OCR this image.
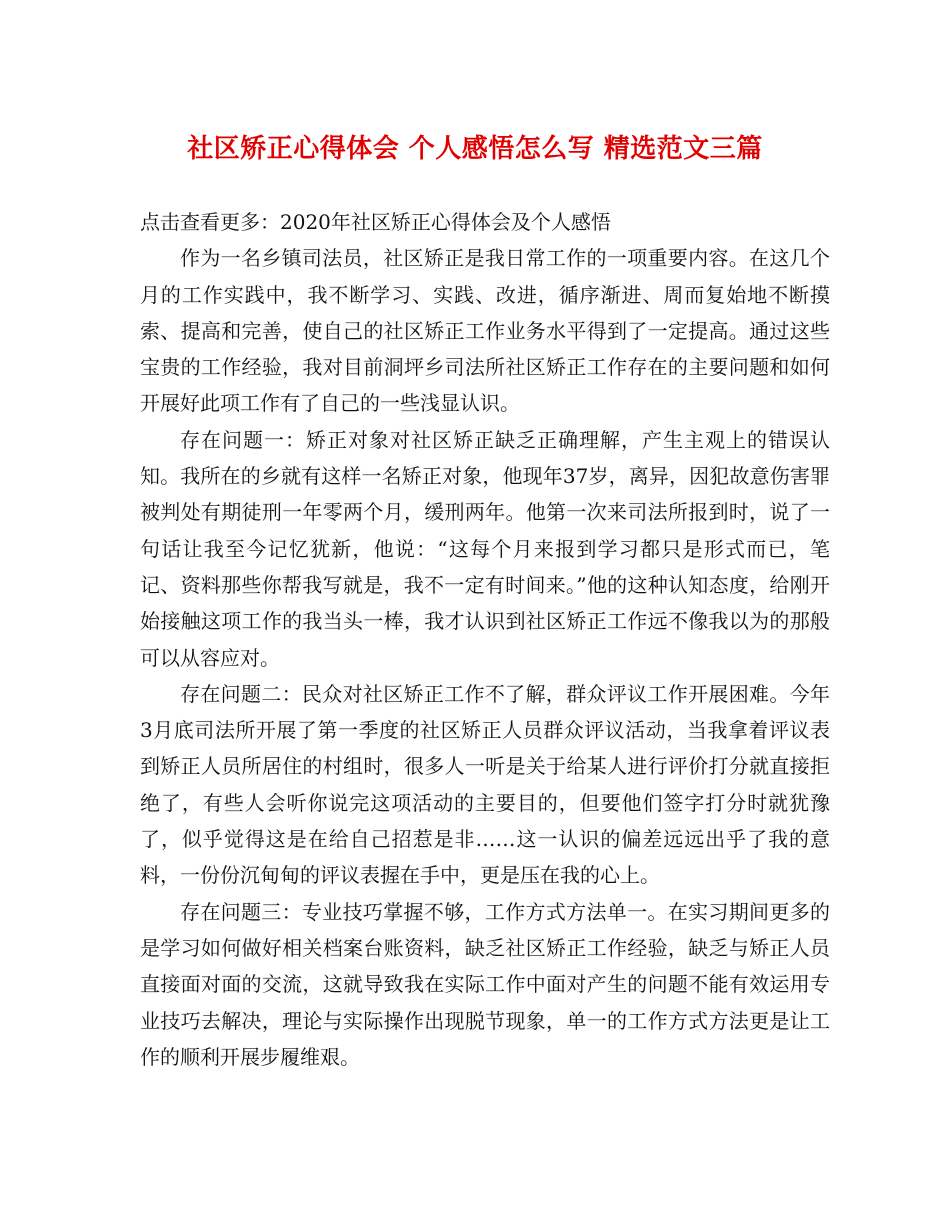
社区矫正心得体会 个人感悟怎么写 精选范文三篇

点击查看更多：2020年社区矫正心得体会及个人感悟

作为一名乡镇司法员，社区矫正是我日常工作的一项重要内容。在这几个月的工作实践中，我不断学习、实践、改进，循序渐进、周而复始地不断摸索、提高和完善，使自己的社区矫正工作业务水平得到了一定提高。通过这些宝贵的工作经验，我对目前洞坪乡司法所社区矫正工作存在的主要问题和如何开展好此项工作有了自己的一些浅显认识。

存在问题一：矫正对象对社区矫正缺乏正确理解，产生主观上的错误认知。我所在的乡就有这样一名矫正对象，他现年37岁，离异，因犯故意伤害罪被判处有期徒刑一年零两个月，缓刑两年。他第一次来司法所报到时，说了一句话让我至今记忆犹新，他说：“这每个月来报到学习都只是形式而已，笔记、资料那些你帮我写就是，我不一定有时间来。”他的这种认知态度，给刚开始接触这项工作的我当头一棒，我才认识到社区矫正工作远不像我以为的那般可以从容应对。

存在问题二：民众对社区矫正工作不了解，群众评议工作开展困难。今年3月底司法所开展了第一季度的社区矫正人员群众评议活动，当我拿着评议表到矫正人员所居住的村组时，很多人一听是关于给某人进行评价打分就直接拒绝了，有些人会听你说完这项活动的主要目的，但要他们签字打分时就犹豫了，似乎觉得这是在给自己招惹是非……这一认识的偏差远远出乎了我的意料，一份份沉甸甸的评议表握在手中，更是压在我的心上。

存在问题三：专业技巧掌握不够，工作方式方法单一。在实习期间更多的是学习如何做好相关档案台账资料，缺乏社区矫正工作经验，缺乏与矫正人员直接面对面的交流，这就导致我在实际工作中面对产生的问题不能有效运用专业技巧去解决，理论与实际操作出现脱节现象，单一的工作方式方法更是让工作的顺利开展步履维艰。
